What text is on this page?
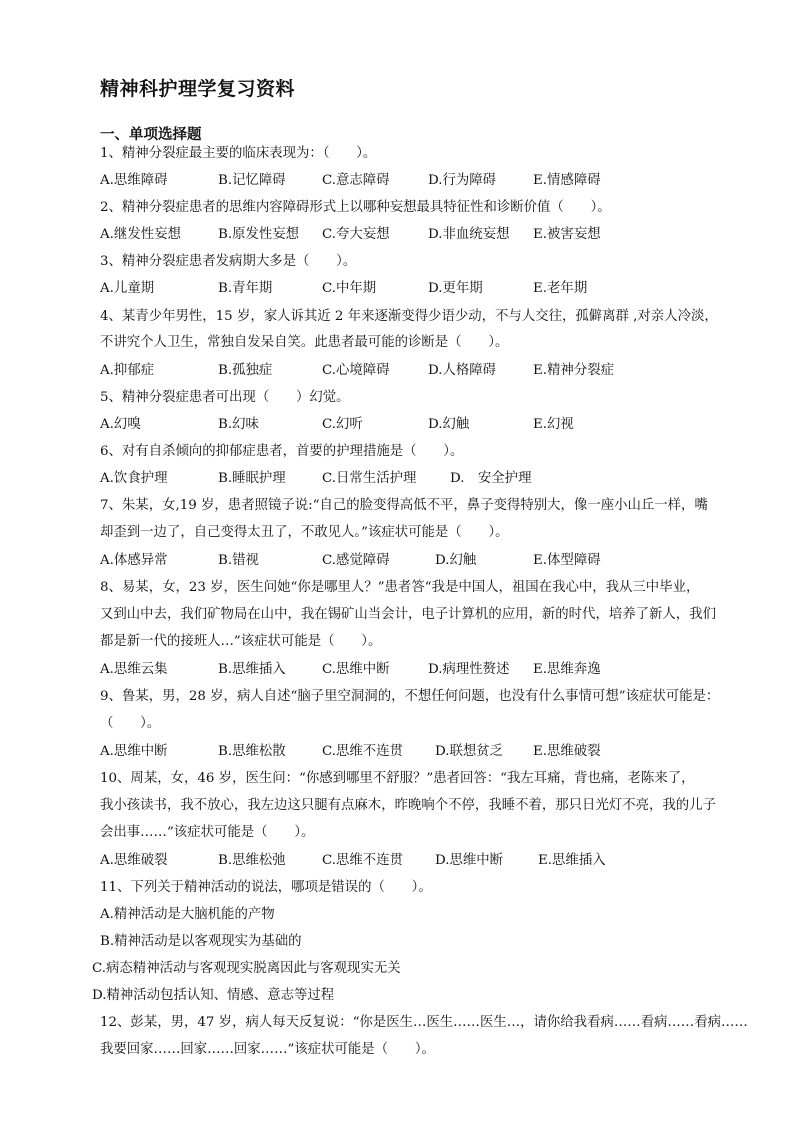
精神科护理学复习资料
一、单项选择题
1、精神分裂症最主要的临床表现为：（　　）。
A.思维障碍	B.记忆障碍	C.意志障碍	D.行为障碍	E.情感障碍
2、精神分裂症患者的思维内容障碍形式上以哪种妄想最具特征性和诊断价值（　　）。
A.继发性妄想	B.原发性妄想 C.夸大妄想	D.非血统妄想 E.被害妄想
3、精神分裂症患者发病期大多是（　　）。
A.儿童期	B.青年期	C.中年期	D.更年期	E.老年期
4、某青少年男性，15 岁，家人诉其近 2 年来逐渐变得少语少动，不与人交往，孤僻离群 ,对亲人冷淡，
不讲究个人卫生，常独自发呆自笑。此患者最可能的诊断是（　　）。
A.抑郁症	B.孤独症	C.心境障碍	D.人格障碍	E.精神分裂症
5、精神分裂症患者可出现（　　）幻觉。
A.幻嗅	B.幻味	C.幻听	D.幻触	E.幻视
6、对有自杀倾向的抑郁症患者，首要的护理措施是（　　）。
A.饮食护理	B.睡眠护理	C.日常生活护理	D.　安全护理
7、朱某，女,19 岁，患者照镜子说:“自己的脸变得高低不平，鼻子变得特别大，像一座小山丘一样，嘴
却歪到一边了，自己变得太丑了，不敢见人。”该症状可能是（　　）。
A.体感异常	B.错视	C.感觉障碍	D.幻触	E.体型障碍
8、易某，女，23 岁，医生问她“你是哪里人？”患者答“我是中国人，祖国在我心中，我从三中毕业，
又到山中去，我们矿物局在山中，我在锡矿山当会计，电子计算机的应用，新的时代，培养了新人，我们
都是新一代的接班人…”该症状可能是（　　）。
A.思维云集	B.思维插入	C.思维中断	D.病理性赘述 E.思维奔逸
9、鲁某，男，28 岁，病人自述“脑子里空洞洞的，不想任何问题，也没有什么事情可想”该症状可能是：
（　　）。
A.思维中断	B.思维松散	C.思维不连贯 D.联想贫乏 E.思维破裂
10、周某，女，46 岁，医生问：“你感到哪里不舒服？”患者回答：“我左耳痛，背也痛，老陈来了，
我小孩读书，我不放心，我左边这只腿有点麻木，昨晚响个不停，我睡不着，那只日光灯不亮，我的儿子
会出事……”该症状可能是（　　）。
A.思维破裂	B.思维松弛	C.思维不连贯 D.思维中断	E.思维插入
11、下列关于精神活动的说法，哪项是错误的（　　）。
A.精神活动是大脑机能的产物
B.精神活动是以客观现实为基础的
C.病态精神活动与客观现实脱离因此与客观现实无关
D.精神活动包括认知、情感、意志等过程
12、彭某，男，47 岁，病人每天反复说：“你是医生…医生……医生…，请你给我看病……看病……看病……
我要回家……回家……回家……”该症状可能是（　　）。
